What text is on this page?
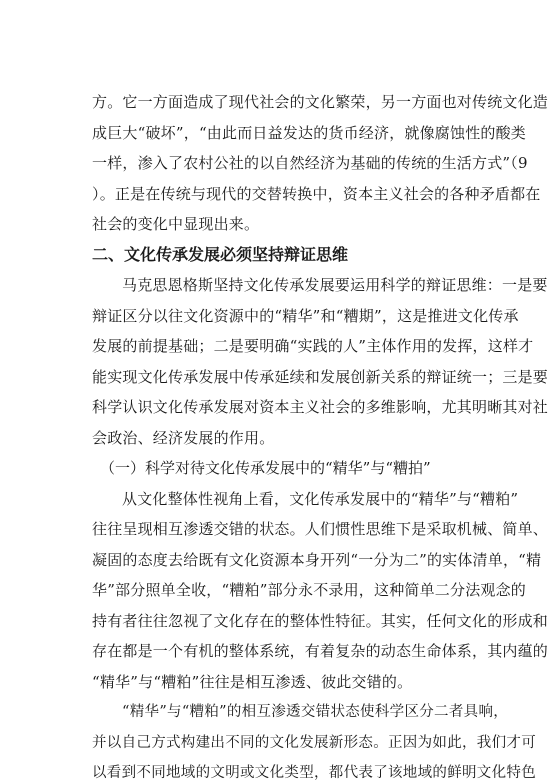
方。它一方面造成了现代社会的文化繁荣，另一方面也对传统文化造
成巨大“破坏”，“由此而日益发达的货币经济，就像腐蚀性的酸类
一样，渗入了农村公社的以自然经济为基础的传统的生活方式”（9
）。正是在传统与现代的交替转换中，资本主义社会的各种矛盾都在
社会的变化中显现出来。
二、文化传承发展必须坚持辩证思维
马克思恩格斯坚持文化传承发展要运用科学的辩证思维：一是要
辩证区分以往文化资源中的“精华”和“糟期”，这是推进文化传承
发展的前提基础；二是要明确“实践的人”主体作用的发挥，这样才
能实现文化传承发展中传承延续和发展创新关系的辩证统一；三是要
科学认识文化传承发展对资本主义社会的多维影响，尤其明晰其对社
会政治、经济发展的作用。
（一）科学对待文化传承发展中的“精华”与“糟拍”
从文化整体性视角上看，文化传承发展中的“精华”与“糟粕”
往往呈现相互渗透交错的状态。人们惯性思维下是采取机械、简单、
凝固的态度去给既有文化资源本身开列“一分为二”的实体清单，“精
华”部分照单全收，“糟粕”部分永不录用，这种简单二分法观念的
持有者往往忽视了文化存在的整体性特征。其实，任何文化的形成和
存在都是一个有机的整体系统，有着复杂的动态生命体系，其内蕴的
“精华”与“糟粕”往往是相互渗透、彼此交错的。
“精华”与“糟粕”的相互渗透交错状态使科学区分二者具响，
并以自己方式构建出不同的文化发展新形态。正因为如此，我们才可
以看到不同地域的文明或文化类型，都代表了该地域的鲜明文化特色
